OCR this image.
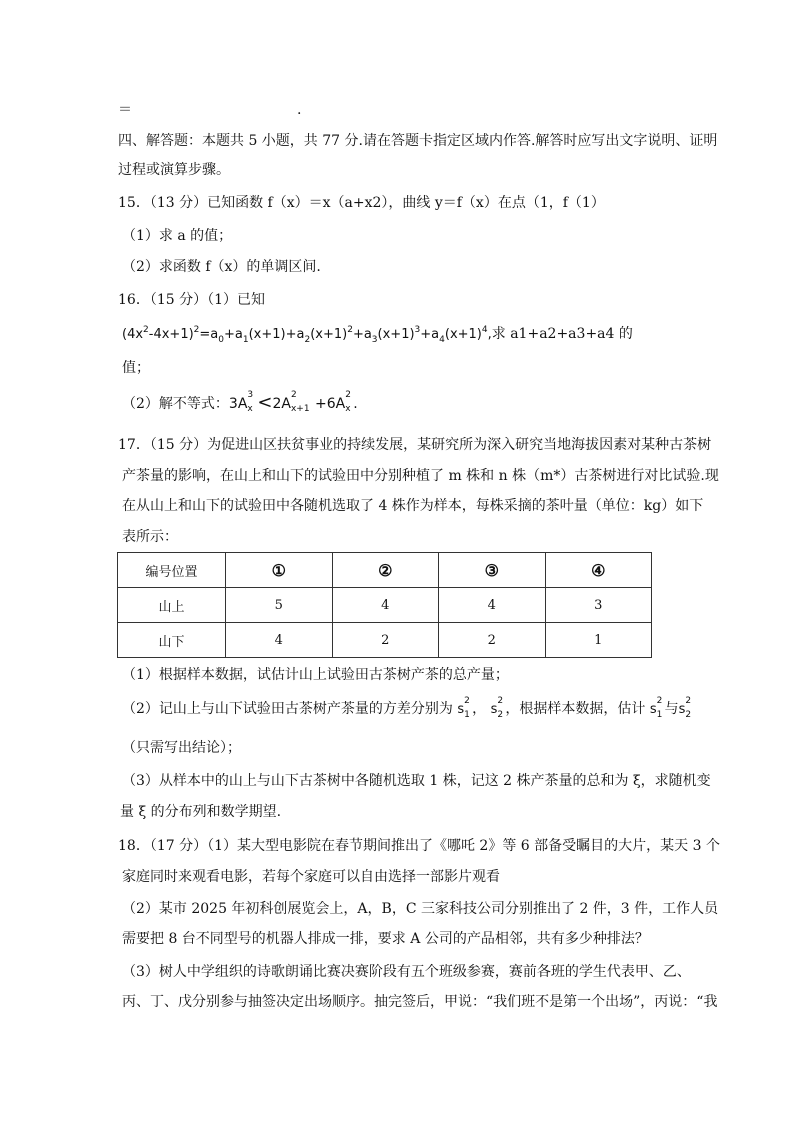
＝	.
四、解答题：本题共 5 小题，共 77 分.请在答题卡指定区域内作答.解答时应写出文字说明、证明
过程或演算步骤。
15．（13 分）已知函数 f（x）＝x（a+x2），曲线 y＝f（x）在点（1，f（1）
（1）求 a 的值；
（2）求函数 f（x）的单调区间.
16．（15 分）（1）已知
$(4x^2-4x+1)^2=a_0+a_1(x+1)+a_2(x+1)^2+a_3(x+1)^3+a_4(x+1)^4$,求 a1+a2+a3+a4 的
值；
（2）解不等式：3A
3
x <2A
2
x+1 +6A
2
x .
17．（15 分）为促进山区扶贫事业的持续发展，某研究所为深入研究当地海拔因素对某种古茶树
产茶量的影响，在山上和山下的试验田中分别种植了 m 株和 n 株（m*）古茶树进行对比试验.现
在从山上和山下的试验田中各随机选取了 4 株作为样本，每株采摘的茶叶量（单位：kg）如下
表所示：
编号位置	①	②	③	④
山上	5	4	4	3
山下	4	2	2	1
（1）根据样本数据，试估计山上试验田古茶树产茶的总产量；
（2）记山上与山下试验田古茶树产茶量的方差分别为 s
2
1 ， s
2
2 ，根据样本数据，估计 s
2
1 与s
2
2
（只需写出结论）；
（3）从样本中的山上与山下古茶树中各随机选取 1 株，记这 2 株产茶量的总和为 ξ，求随机变
量 ξ 的分布列和数学期望.
18．（17 分）（1）某大型电影院在春节期间推出了《哪吒 2》等 6 部备受瞩目的大片，某天 3 个
家庭同时来观看电影，若每个家庭可以自由选择一部影片观看
（2）某市 2025 年初科创展览会上，A，B，C 三家科技公司分别推出了 2 件，3 件，工作人员
需要把 8 台不同型号的机器人排成一排，要求 A 公司的产品相邻，共有多少种排法？
（3）树人中学组织的诗歌朗诵比赛决赛阶段有五个班级参赛，赛前各班的学生代表甲、乙、
丙、丁、戊分别参与抽签决定出场顺序。抽完签后，甲说：“我们班不是第一个出场”，丙说：“我
